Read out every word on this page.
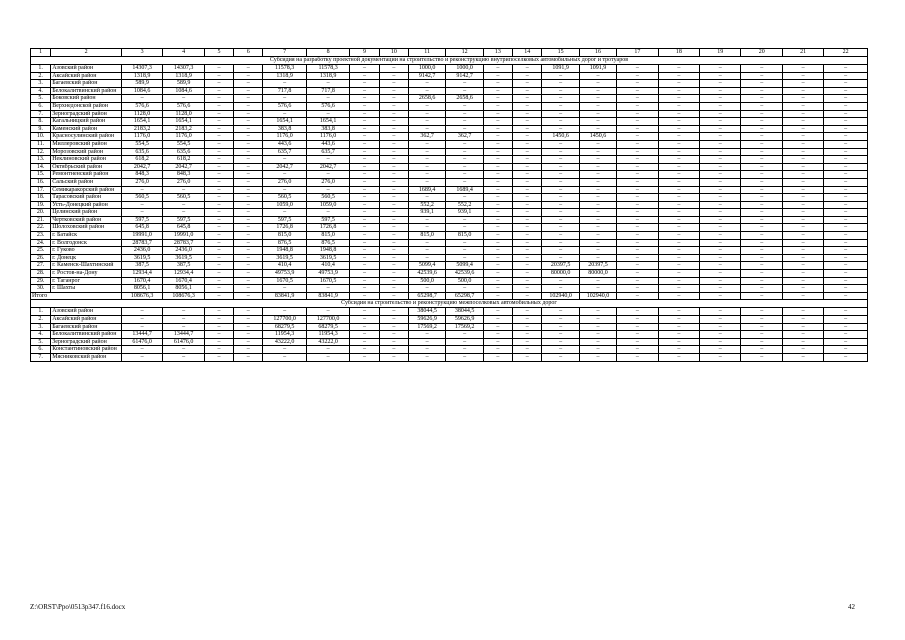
1	2	3	4	5	6	7	8	9	10	11	12	13	14	15	16	17	18	19	20	21	22
Субсидия на разработку проектной документации на строительство и реконструкцию внутрипоселковых автомобильных дорог и тротуаров																					
1.	Азовский район	14307,3	14307,3	–	–	11578,3	11578,3	–	–	1000,0	1000,0	–	–	1091,9	1091,9	–	–	–	–	–	–
2.	Аксайский район	1318,9	1318,9	–	–	1318,9	1318,9	–	–	9142,7	9142,7	–	–	–	–	–	–	–	–	–	–
3.	Багаевский район	589,9	589,9	–	–	–	–	–	–	–	–	–	–	–	–	–	–	–	–	–	–
4.	Белокалитвинский район	1084,6	1084,6	–	–	717,8	717,8	–	–	–	–	–	–	–	–	–	–	–	–	–	–
5.	Боковский район	–	–	–	–	–	–	–	–	2658,6	2658,6	–	–	–	–	–	–	–	–	–	–
6.	Верхнедонской район	576,6	576,6	–	–	576,6	576,6	–	–	–	–	–	–	–	–	–	–	–	–	–	–
7.	Зерноградский район	1128,0	1128,0	–	–	–	–	–	–	–	–	–	–	–	–	–	–	–	–	–	–
8.	Кагальницкий район	1654,1	1654,1	–	–	1654,1	1654,1	–	–	–	–	–	–	–	–	–	–	–	–	–	–
9.	Каменский район	2183,2	2183,2	–	–	383,8	383,8	–	–	–	–	–	–	–	–	–	–	–	–	–	–
10.	Красносулинский район	1176,0	1176,0	–	–	1176,0	1176,0	–	–	362,7	362,7	–	–	1450,6	1450,6	–	–	–	–	–	–
11.	Миллеровский район	554,5	554,5	–	–	443,6	443,6	–	–	–	–	–	–	–	–	–	–	–	–	–	–
12.	Морозовский район	635,6	635,6	–	–	635,7	635,7	–	–	–	–	–	–	–	–	–	–	–	–	–	–
13.	Неклиновский район	618,2	618,2	–	–	–	–	–	–	–	–	–	–	–	–	–	–	–	–	–	–
14.	Октябрьский район	2042,7	2042,7	–	–	2042,7	2042,7	–	–	–	–	–	–	–	–	–	–	–	–	–	–
15.	Ремонтненский район	848,3	848,3	–	–	–	–	–	–	–	–	–	–	–	–	–	–	–	–	–	–
16.	Сальский район	276,0	276,0	–	–	276,0	276,0	–	–	–	–	–	–	–	–	–	–	–	–	–	–
17.	Семикаракорский район	–	–	–	–	–	–	–	–	1689,4	1689,4	–	–	–	–	–	–	–	–	–	–
18.	Тарасовский район	560,5	560,5	–	–	560,5	560,5	–	–	–	–	–	–	–	–	–	–	–	–	–	–
19.	Усть-Донецкий район	–	–	–	–	1059,0	1059,0	–	–	552,2	552,2	–	–	–	–	–	–	–	–	–	–
20.	Целинский район	–	–	–	–	–	–	–	–	939,1	939,1	–	–	–	–	–	–	–	–	–	–
21.	Чертковский район	597,5	597,5	–	–	597,5	597,5	–	–	–	–	–	–	–	–	–	–	–	–	–	–
22.	Шолоховский район	645,8	645,8	–	–	1726,8	1726,8	–	–	–	–	–	–	–	–	–	–	–	–	–	–
23.	г. Батайск	19991,0	19991,0	–	–	815,0	815,0	–	–	815,0	815,0	–	–	–	–	–	–	–	–	–	–
24.	г. Волгодонск	28783,7	28783,7	–	–	876,5	876,5	–	–	–	–	–	–	–	–	–	–	–	–	–	–
25.	г. Гуково	2436,0	2436,0	–	–	1948,8	1948,8	–	–	–	–	–	–	–	–	–	–	–	–	–	–
26.	г. Донецк	3619,5	3619,5	–	–	3619,5	3619,5	–	–	–	–	–	–	–	–	–	–	–	–	–	–
27.	г. Каменск-Шахтинский	387,5	387,5	–	–	410,4	410,4	–	–	5099,4	5099,4	–	–	20397,5	20397,5	–	–	–	–	–	–
28.	г. Ростов-на-Дону	12934,4	12934,4	–	–	49753,9	49753,9	–	–	42539,6	42539,6	–	–	80000,0	80000,0	–	–	–	–	–	–
29.	г. Таганрог	1670,4	1670,4	–	–	1670,5	1670,5	–	–	500,0	500,0	–	–	–	–	–	–	–	–	–	–
30.	г. Шахты	8056,1	8056,1	–	–	–	–	–	–	–	–	–	–	–	–	–	–	–	–	–	–
Итого		108676,3	108676,3	–	–	83841,9	83841,9	–	–	65298,7	65298,7	–	–	102940,0	102940,0	–	–	–	–	–	–
Субсидия на строительство и реконструкцию межпоселковых автомобильных дорог																					
1.	Азовский район	–	–	–	–	–	–	–	–	38044,5	38044,5	–	–	–	–	–	–	–	–	–	–
2.	Аксайский район	–	–	–	–	127700,0	127700,0	–	–	59626,9	59626,9	–	–	–	–	–	–	–	–	–	–
3.	Багаевский район	–	–	–	–	68279,5	68279,5	–	–	17569,2	17569,2	–	–	–	–	–	–	–	–	–	–
4.	Белокалитвинский район	13444,7	13444,7	–	–	11954,3	11954,3	–	–	–	–	–	–	–	–	–	–	–	–	–	–
5.	Зерноградский район	61476,0	61476,0	–	–	43222,0	43222,0	–	–	–	–	–	–	–	–	–	–	–	–	–	–
6.	Константиновский район	–	–	–	–	–	–	–	–	–	–	–	–	–	–	–	–	–	–	–	–
7.	Мясниковский район	–	–	–	–	–	–	–	–	–	–	–	–	–	–	–	–	–	–	–	–
Z:\ORST\Ppo\0513p347.f16.docx	42
